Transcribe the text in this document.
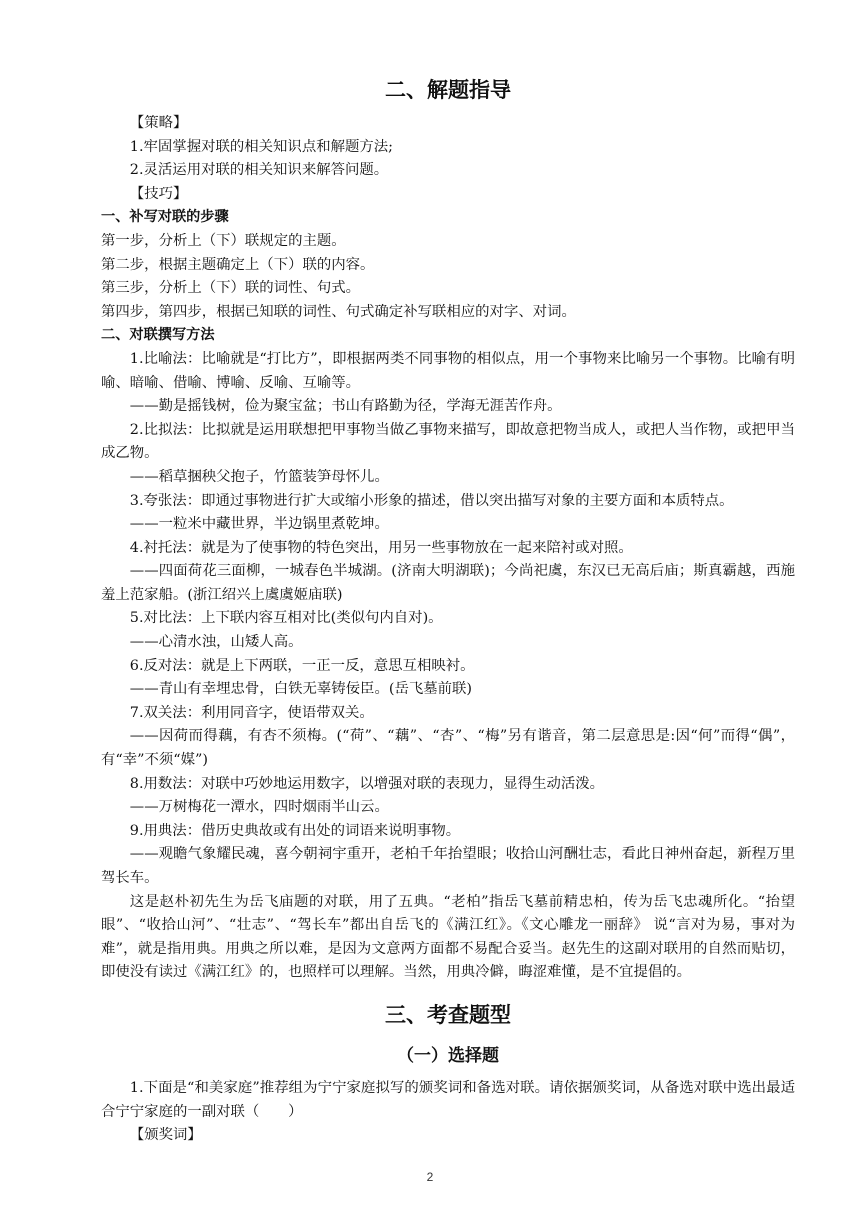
二、解题指导

【策略】

1.牢固掌握对联的相关知识点和解题方法;

2.灵活运用对联的相关知识来解答问题。

【技巧】

一、补写对联的步骤

第一步，分析上（下）联规定的主题。

第二步，根据主题确定上（下）联的内容。

第三步，分析上（下）联的词性、句式。

第四步，第四步，根据已知联的词性、句式确定补写联相应的对字、对词。

二、对联撰写方法

1.比喻法：比喻就是“打比方”，即根据两类不同事物的相似点，用一个事物来比喻另一个事物。比喻有明喻、暗喻、借喻、博喻、反喻、互喻等。

——勤是摇钱树，俭为聚宝盆；书山有路勤为径，学海无涯苦作舟。

2.比拟法：比拟就是运用联想把甲事物当做乙事物来描写，即故意把物当成人，或把人当作物，或把甲当成乙物。

——稻草捆秧父抱子，竹篮装笋母怀儿。

3.夸张法：即通过事物进行扩大或缩小形象的描述，借以突出描写对象的主要方面和本质特点。

——一粒米中藏世界，半边锅里煮乾坤。

4.衬托法：就是为了使事物的特色突出，用另一些事物放在一起来陪衬或对照。

——四面荷花三面柳，一城春色半城湖。(济南大明湖联)；今尚祀虞，东汉已无高后庙；斯真霸越，西施羞上范家船。(浙江绍兴上虞虞姬庙联)

5.对比法：上下联内容互相对比(类似句内自对)。

——心清水浊，山矮人高。

6.反对法：就是上下两联，一正一反，意思互相映衬。

——青山有幸埋忠骨，白铁无辜铸佞臣。(岳飞墓前联)

7.双关法：利用同音字，使语带双关。

——因荷而得藕，有杏不须梅。(“荷”、“藕”、“杏”、“梅”另有谐音，第二层意思是:因“何”而得“偶”，有“幸”不须“媒”)

8.用数法：对联中巧妙地运用数字，以增强对联的表现力，显得生动活泼。

——万树梅花一潭水，四时烟雨半山云。

9.用典法：借历史典故或有出处的词语来说明事物。

——观瞻气象耀民魂，喜今朝祠宇重开，老柏千年抬望眼；收拾山河酬壮志，看此日神州奋起，新程万里驾长车。

这是赵朴初先生为岳飞庙题的对联，用了五典。“老柏”指岳飞墓前精忠柏，传为岳飞忠魂所化。“抬望眼”、“收拾山河”、“壮志”、“驾长车”都出自岳飞的《满江红》。《文心雕龙一丽辞》 说“言对为易，事对为难”，就是指用典。用典之所以难，是因为文意两方面都不易配合妥当。赵先生的这副对联用的自然而贴切，即使没有读过《满江红》的，也照样可以理解。当然，用典冷僻，晦涩难懂，是不宜提倡的。

三、考查题型
（一）选择题

1.下面是“和美家庭”推荐组为宁宁家庭拟写的颁奖词和备选对联。请依据颁奖词，从备选对联中选出最适合宁宁家庭的一副对联（　　）

【颁奖词】

2
